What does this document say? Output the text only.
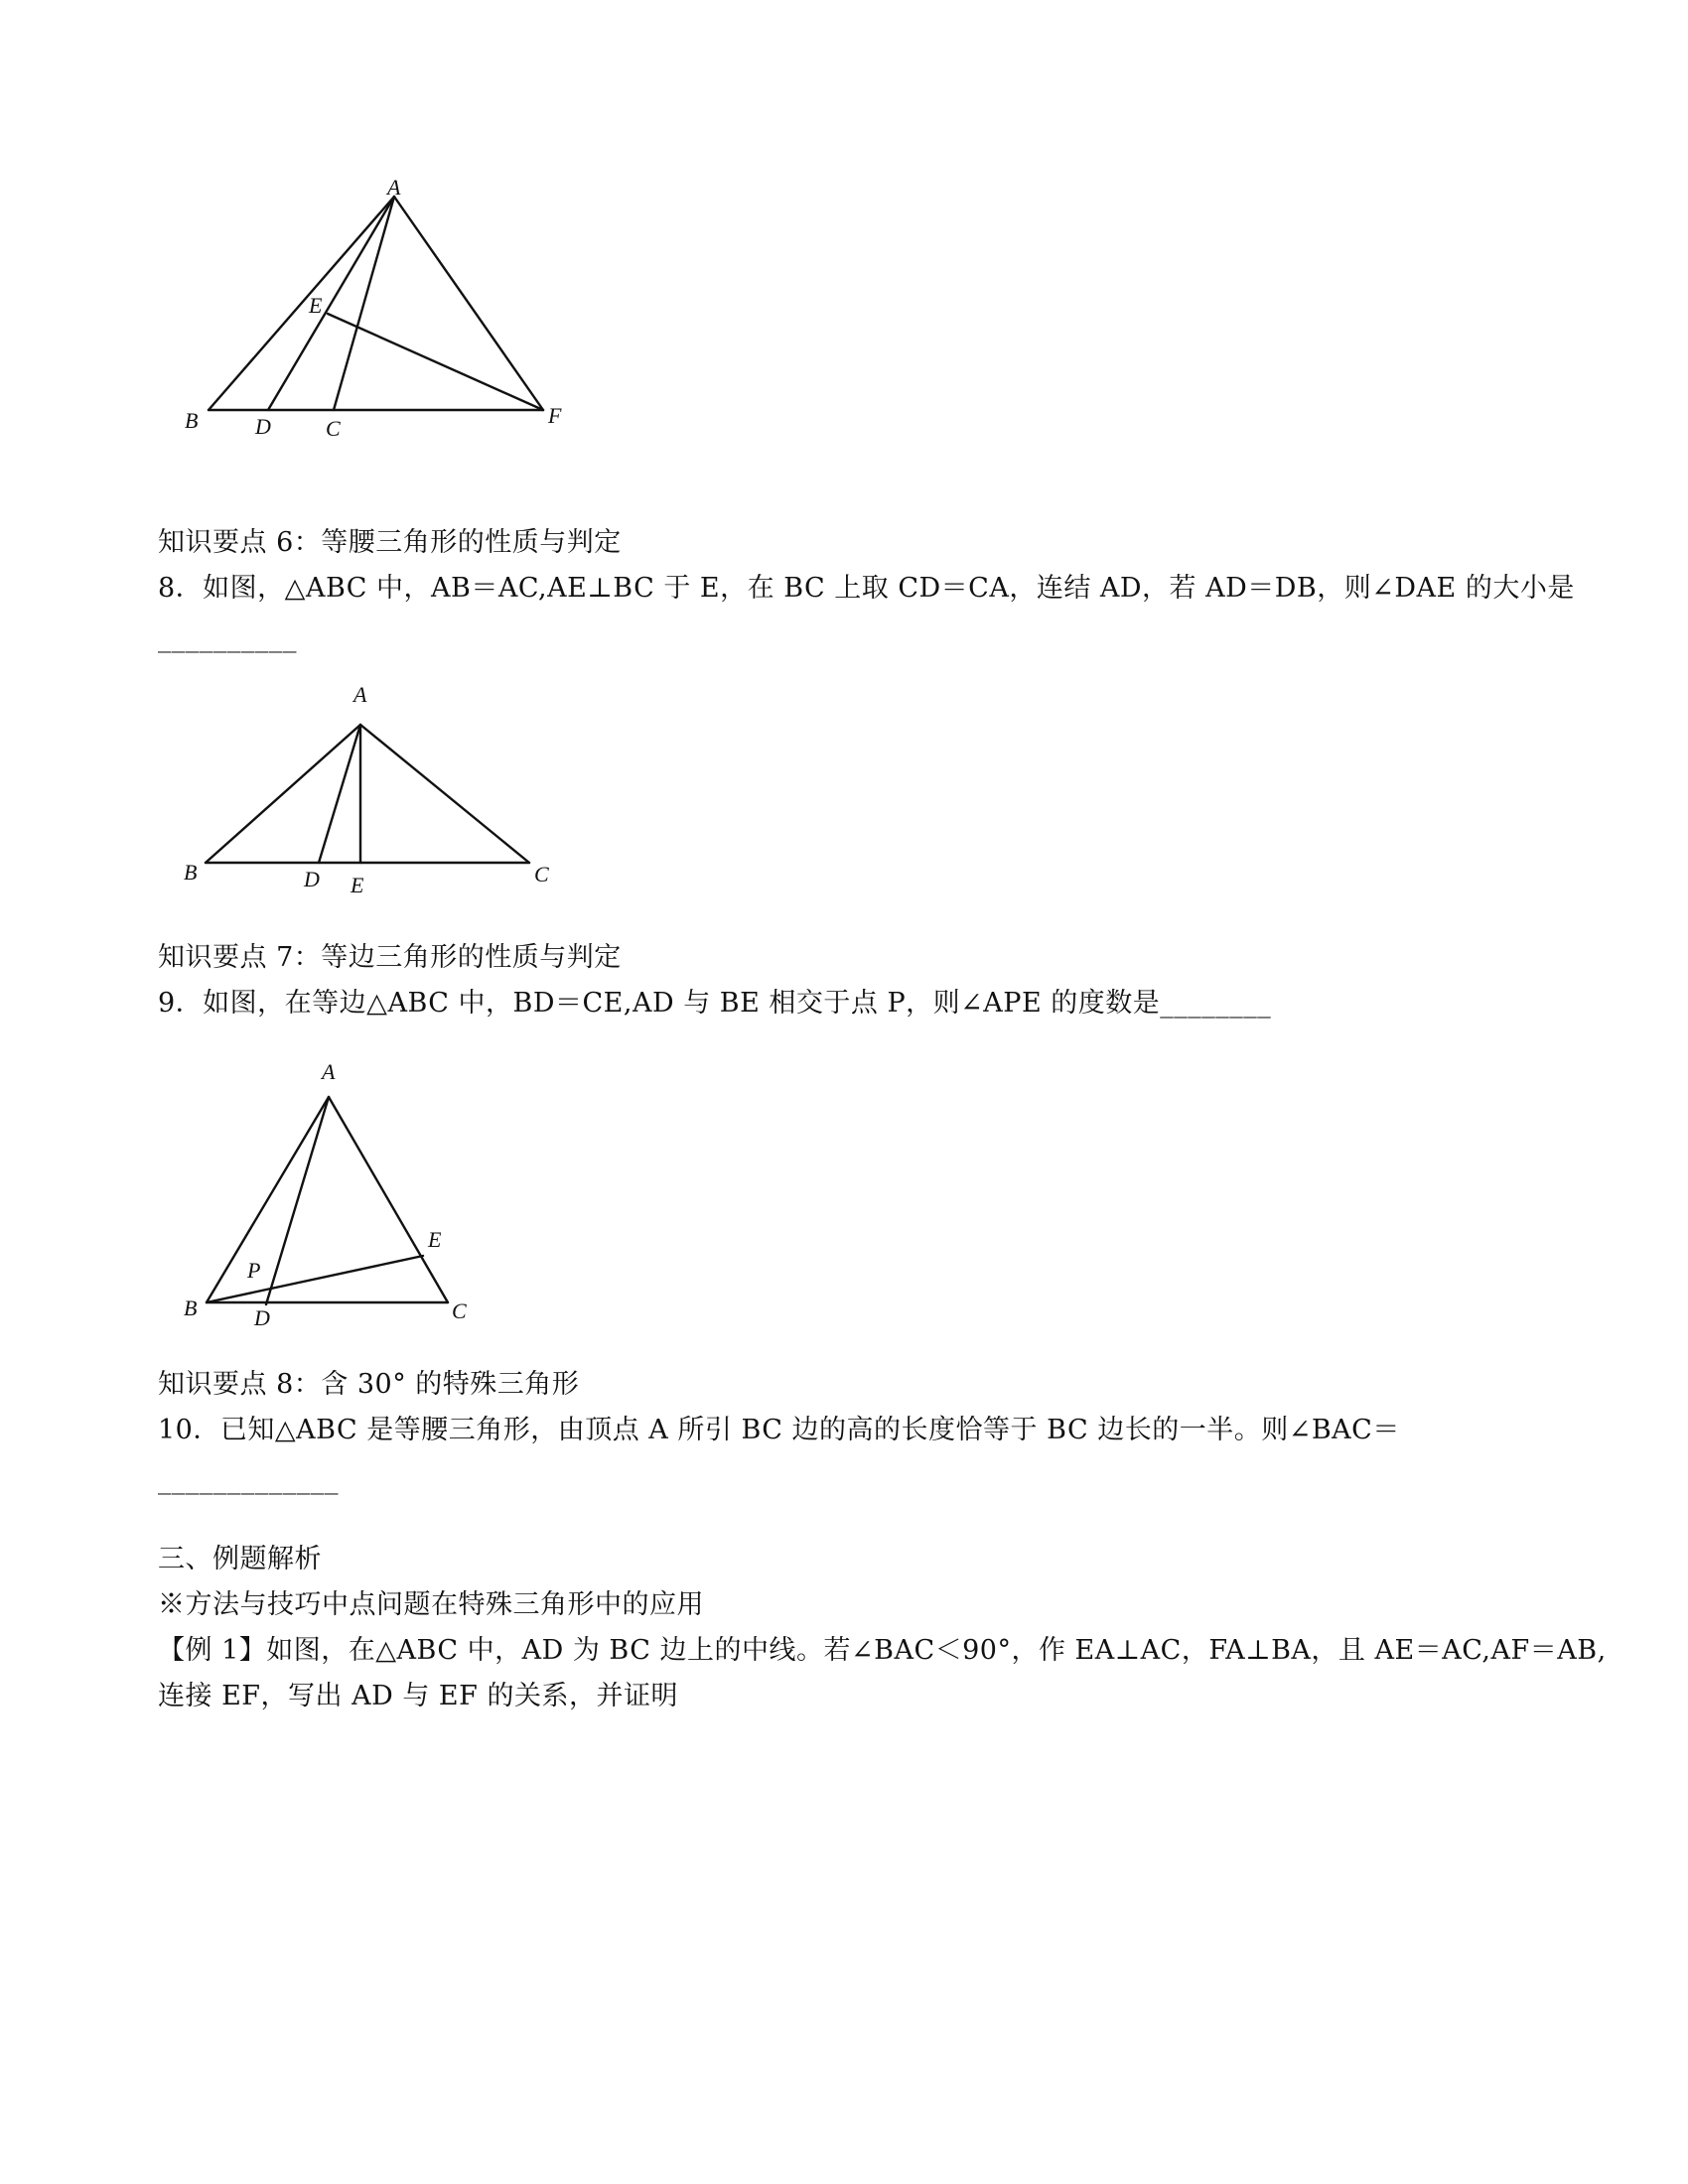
A
E
B	D	C
F
知识要点 6：等腰三角形的性质与判定
8．如图，△ABC 中，AB＝AC,AE⊥BC 于 E，在 BC 上取 CD＝CA，连结 AD，若 AD＝DB，则∠DAE 的大小是
__________
A
B	D E	C
知识要点 7：等边三角形的性质与判定
9．如图，在等边△ABC 中，BD＝CE,AD 与 BE 相交于点 P，则∠APE 的度数是________
A
E
P
B	D	C
知识要点 8：含 30° 的特殊三角形
10．已知△ABC 是等腰三角形，由顶点 A 所引 BC 边的高的长度恰等于 BC 边长的一半。则∠BAC＝
_____________
三、例题解析
※方法与技巧中点问题在特殊三角形中的应用
【例 1】如图，在△ABC 中，AD 为 BC 边上的中线。若∠BAC＜90°，作 EA⊥AC，FA⊥BA，且 AE＝AC,AF＝AB,
连接 EF，写出 AD 与 EF 的关系，并证明
